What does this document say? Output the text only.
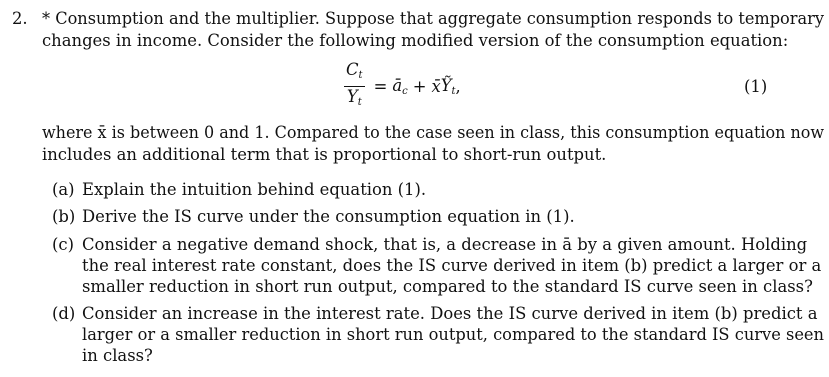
2. * Consumption and the multiplier. Suppose that aggregate consumption responds to temporary
changes in income. Consider the following modified version of the consumption equation:
$\frac{C_t}{Y_t}$ = $ā_c$ + x̄ Ỹ$_t$ ,	(1)
where x̄ is between 0 and 1. Compared to the case seen in class, this consumption equation now
includes an additional term that is proportional to short-run output.
(a) Explain the intuition behind equation (1).
(b) Derive the IS curve under the consumption equation in (1).
(c) Consider a negative demand shock, that is, a decrease in ā by a given amount. Holding
the real interest rate constant, does the IS curve derived in item (b) predict a larger or a
smaller reduction in short run output, compared to the standard IS curve seen in class?
(d) Consider an increase in the interest rate. Does the IS curve derived in item (b) predict a
larger or a smaller reduction in short run output, compared to the standard IS curve seen
in class?
